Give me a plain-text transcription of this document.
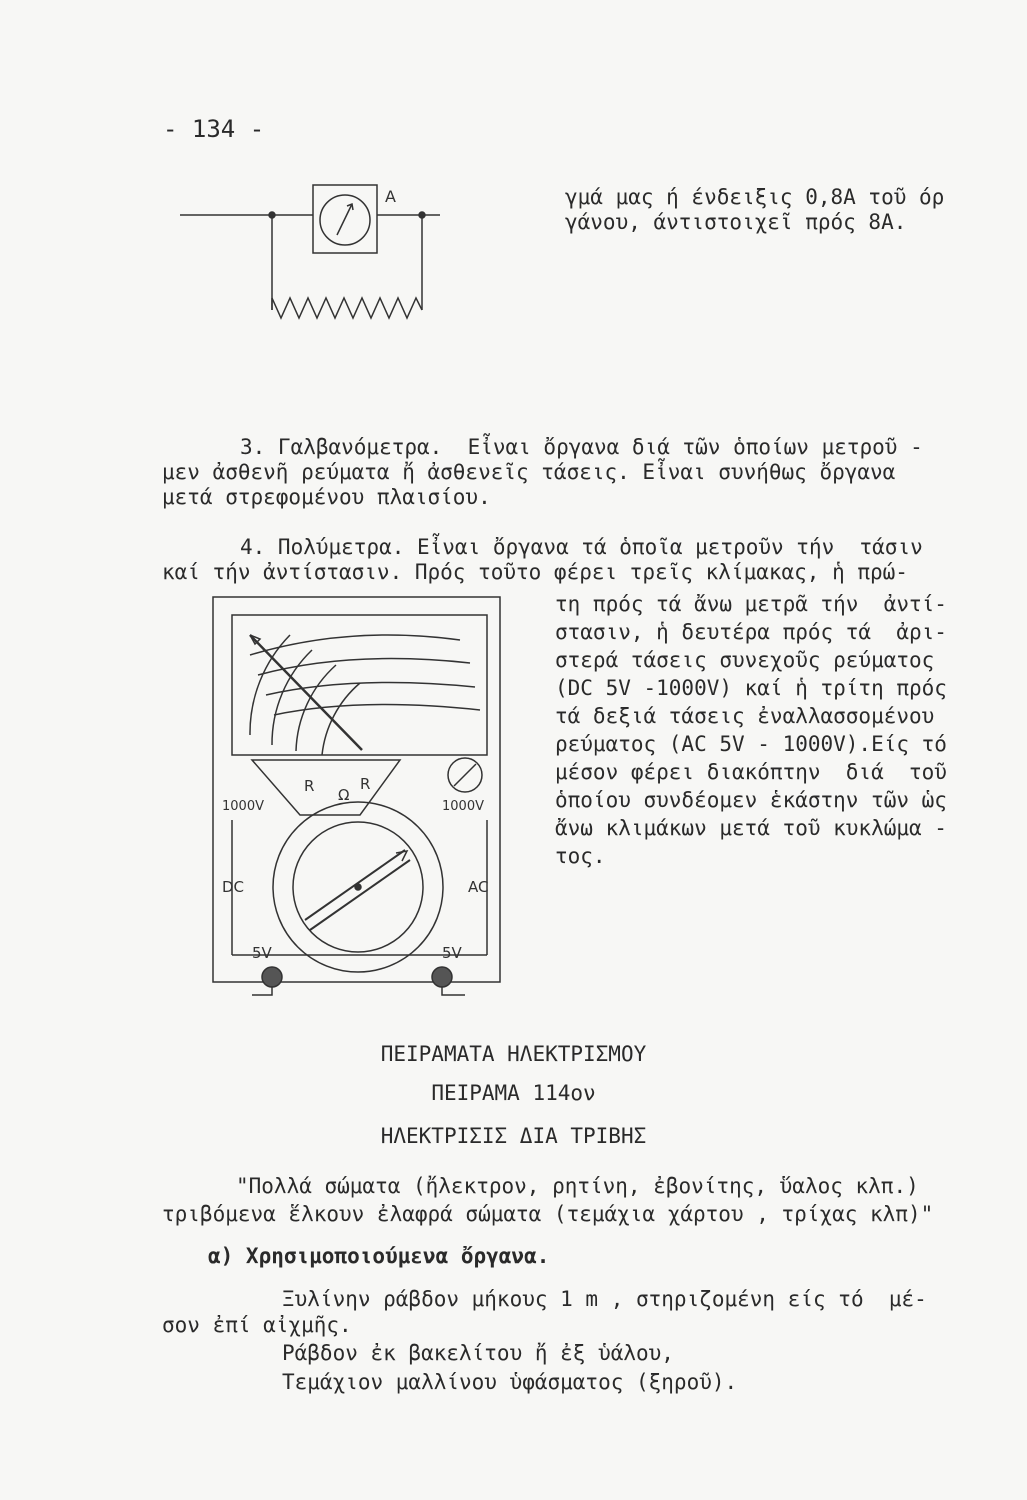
- 134 -
A	γμά μας ή ένδειξις 0,8Α τοῦ όρ
γάνου, άντιστοιχεῖ πρός 8Α.
3. Γαλβανόμετρα.  Εἶναι ὄργανα διά τῶν ὁποίων μετροῦ -
μεν ἀσθενῆ ρεύματα ἤ ἀσθενεῖς τάσεις. Εἶναι συνήθως ὄργανα
μετά στρεφομένου πλαισίου.
4. Πολύμετρα. Εἶναι ὄργανα τά ὁποῖα μετροῦν τήν  τάσιν
καί τήν ἀντίστασιν. Πρός τοῦτο φέρει τρεῖς κλίμακας, ἡ πρώ-
τη πρός τά ἄνω μετρᾶ τήν  ἀντί-
στασιν, ἡ δευτέρα πρός τά  ἀρι-
στερά τάσεις συνεχοῦς ρεύματος
(DC 5V -1000V) καί ἡ τρίτη πρός
τά δεξιά τάσεις ἐναλλασσομένου
ρεύματος (AC 5V - 1000V).Είς τό
μέσον φέρει διακόπτην  διά  τοῦ
ὁποίου συνδέομεν ἑκάστην τῶν ὡς
ἄνω κλιμάκων μετά τοῦ κυκλώμα -
τος.
R Ω
R
1000V	1000V
DC	AC
5V	5V
ΠΕΙΡΑΜΑΤΑ ΗΛΕΚΤΡΙΣΜΟΥ
ΠΕΙΡΑΜΑ 114ον
ΗΛΕΚΤΡΙΣΙΣ ΔΙΑ ΤΡΙΒΗΣ
"Πολλά σώματα (ἤλεκτρον, ρητίνη, ἐβονίτης, ὕαλος κλπ.)
τριβόμενα ἕλκουν ἐλαφρά σώματα (τεμάχια χάρτου , τρίχας κλπ)"
α) Χρησιμοποιούμενα ὄργανα.
Ξυλίνην ράβδον μήκους 1 m , στηριζομένη είς τό  μέ-
σον ἐπί αἰχμῆς.
Ράβδον ἐκ βακελίτου ἤ ἐξ ὑάλου,
Τεμάχιον μαλλίνου ὑφάσματος (ξηροῦ).
